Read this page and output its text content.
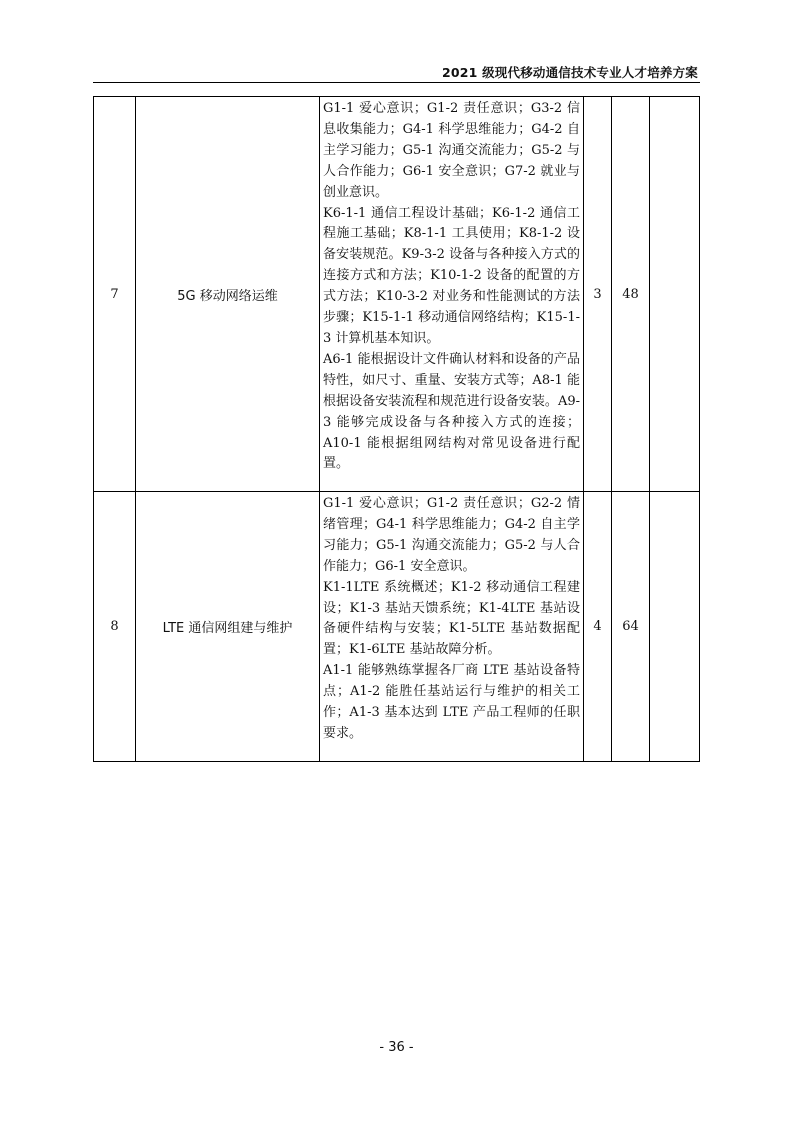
2021 级现代移动通信技术专业人才培养方案
7	5G 移动网络运维	G1-1 爱心意识；G1-2 责任意识；G3-2 信息收集能力；G4-1 科学思维能力；G4-2 自主学习能力；G5-1 沟通交流能力；G5-2 与人合作能力；G6-1 安全意识；G7-2 就业与创业意识。

K6-1-1 通信工程设计基础；K6-1-2 通信工程施工基础；K8-1-1 工具使用；K8-1-2 设备安装规范。K9-3-2 设备与各种接入方式的连接方式和方法；K10-1-2 设备的配置的方式方法；K10-3-2 对业务和性能测试的方法步骤；K15-1-1 移动通信网络结构；K15-1-3 计算机基本知识。

A6-1 能根据设计文件确认材料和设备的产品特性，如尺寸、重量、安装方式等；A8-1 能根据设备安装流程和规范进行设备安装。A9-3 能够完成设备与各种接入方式的连接；A10-1 能根据组网结构对常见设备进行配置。	3	48	
8	LTE 通信网组建与维护	G1-1 爱心意识；G1-2 责任意识；G2-2 情绪管理；G4-1 科学思维能力；G4-2 自主学习能力；G5-1 沟通交流能力；G5-2 与人合作能力；G6-1 安全意识。

K1-1LTE 系统概述；K1-2 移动通信工程建设；K1-3 基站天馈系统；K1-4LTE 基站设备硬件结构与安装；K1-5LTE 基站数据配置；K1-6LTE 基站故障分析。

A1-1 能够熟练掌握各厂商 LTE 基站设备特点；A1-2 能胜任基站运行与维护的相关工作；A1-3 基本达到 LTE 产品工程师的任职要求。	4	64	
- 36 -
